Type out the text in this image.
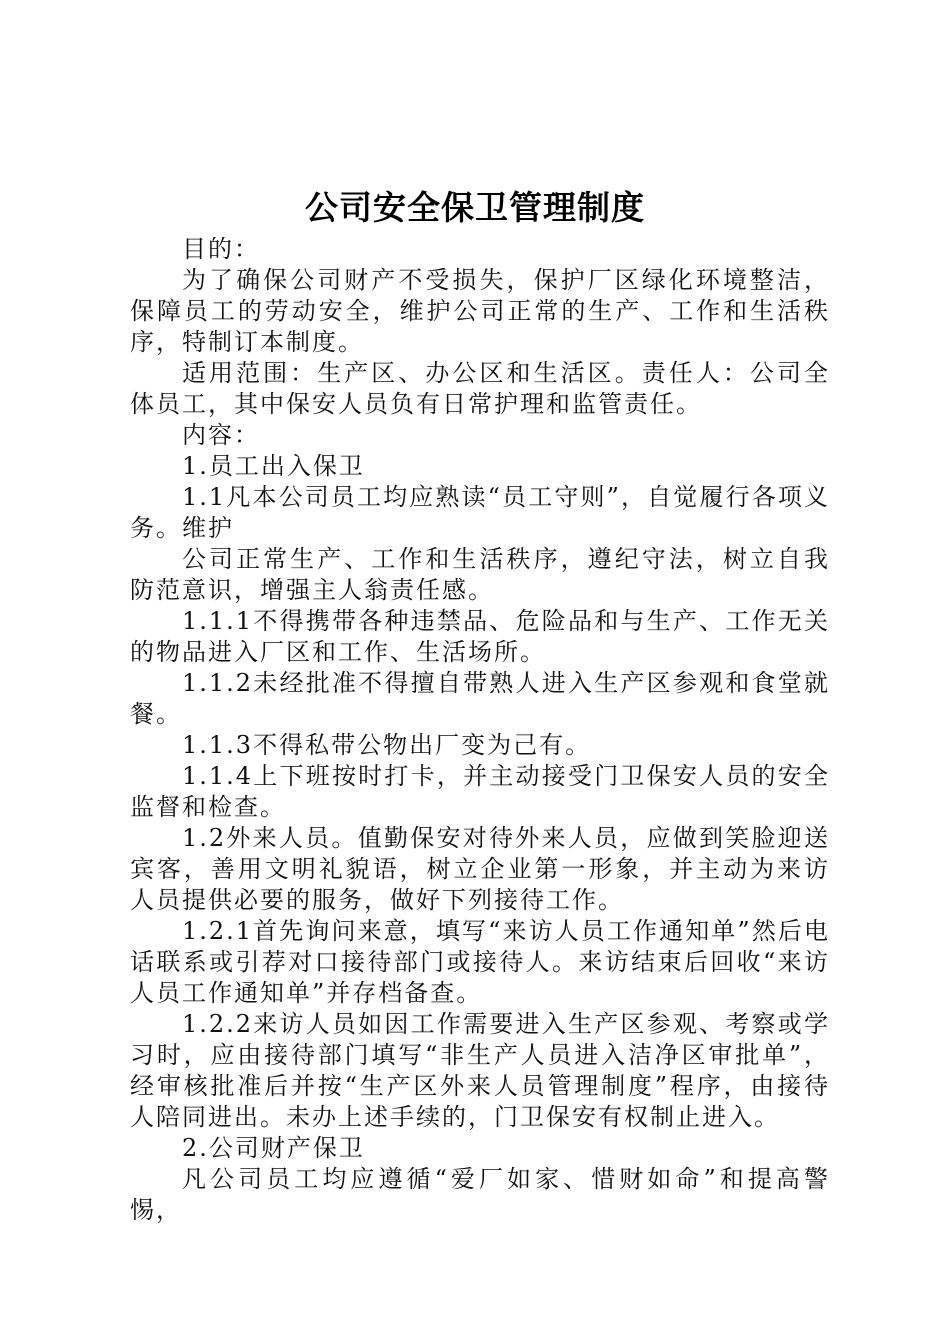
公司安全保卫管理制度

目的：

为了确保公司财产不受损失，保护厂区绿化环境整洁，保障员工的劳动安全，维护公司正常的生产、工作和生活秩序，特制订本制度。

适用范围：生产区、办公区和生活区。责任人：公司全体员工，其中保安人员负有日常护理和监管责任。

内容：

1.员工出入保卫

1.1凡本公司员工均应熟读“员工守则”，自觉履行各项义务。维护

公司正常生产、工作和生活秩序，遵纪守法，树立自我防范意识，增强主人翁责任感。

1.1.1不得携带各种违禁品、危险品和与生产、工作无关的物品进入厂区和工作、生活场所。

1.1.2未经批准不得擅自带熟人进入生产区参观和食堂就餐。

1.1.3不得私带公物出厂变为己有。

1.1.4上下班按时打卡，并主动接受门卫保安人员的安全监督和检查。

1.2外来人员。值勤保安对待外来人员，应做到笑脸迎送宾客，善用文明礼貌语，树立企业第一形象，并主动为来访人员提供必要的服务，做好下列接待工作。

1.2.1首先询问来意，填写“来访人员工作通知单”然后电话联系或引荐对口接待部门或接待人。来访结束后回收“来访人员工作通知单”并存档备查。

1.2.2来访人员如因工作需要进入生产区参观、考察或学习时，应由接待部门填写“非生产人员进入洁净区审批单”，经审核批准后并按“生产区外来人员管理制度”程序，由接待人陪同进出。未办上述手续的，门卫保安有权制止进入。

2.公司财产保卫

凡公司员工均应遵循“爱厂如家、惜财如命”和提高警惕，
